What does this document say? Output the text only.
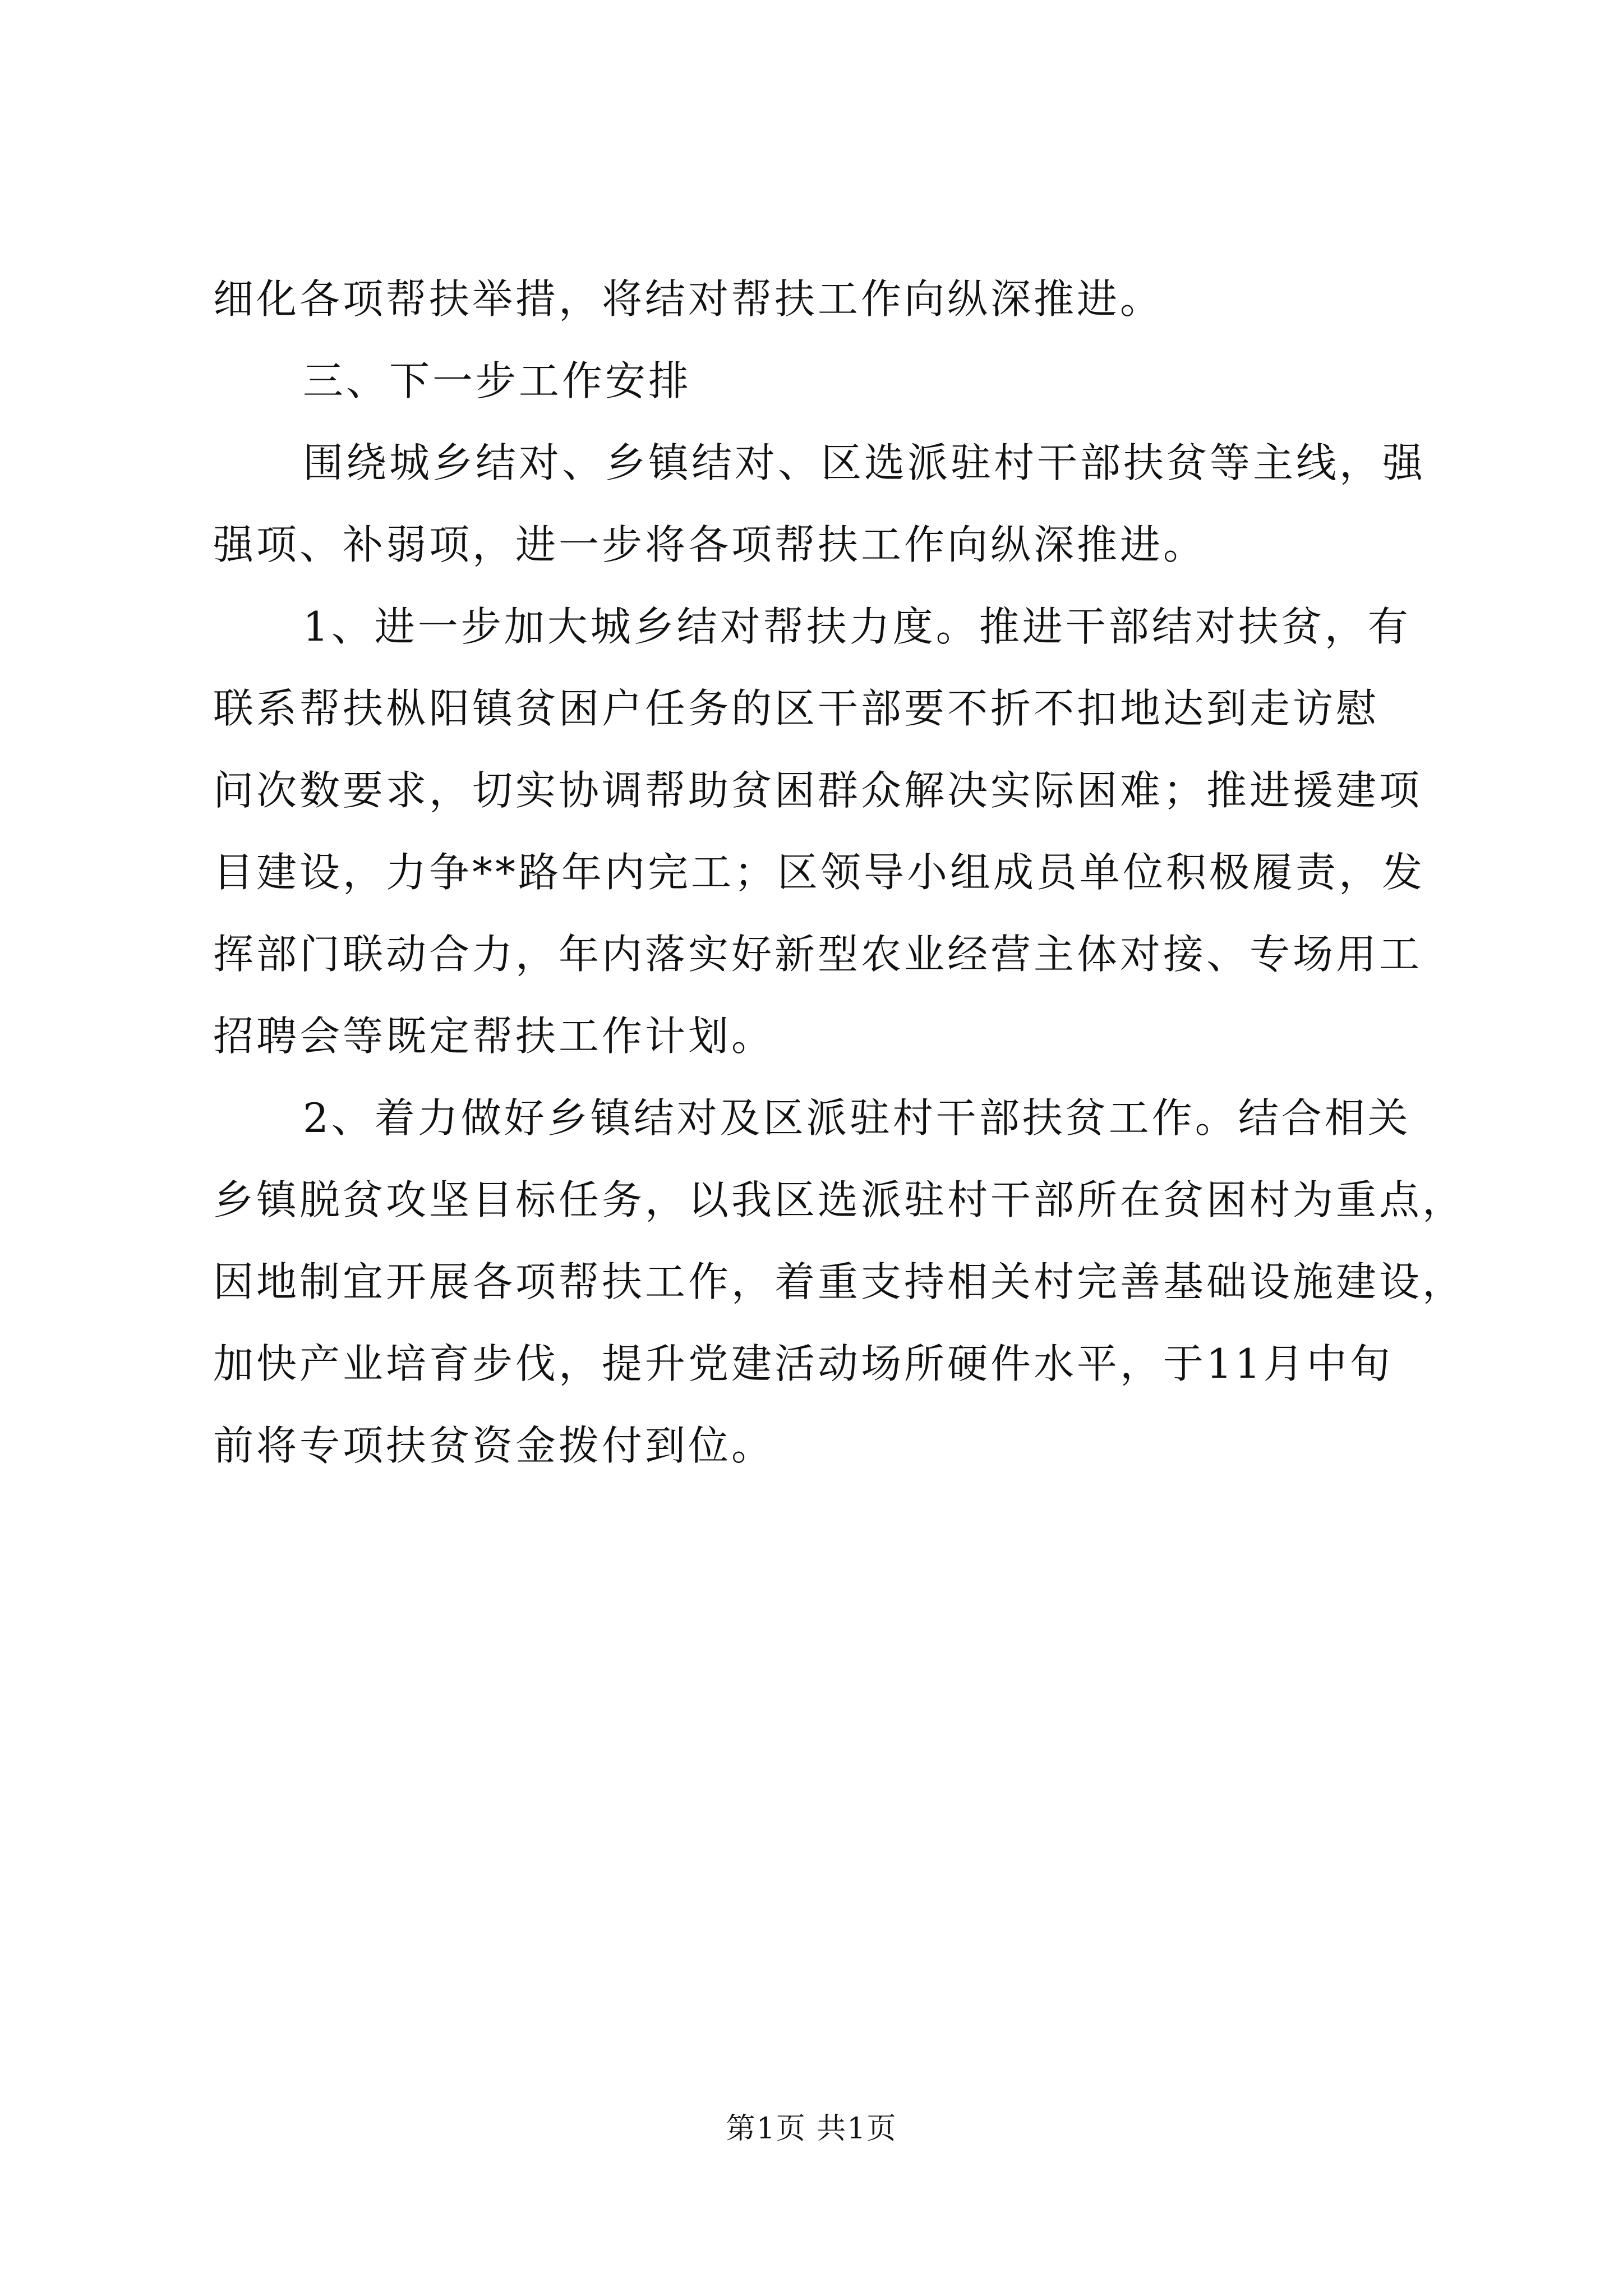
细化各项帮扶举措，将结对帮扶工作向纵深推进。

三、下一步工作安排

围绕城乡结对、乡镇结对、区选派驻村干部扶贫等主线，强
强项、补弱项，进一步将各项帮扶工作向纵深推进。

1、进一步加大城乡结对帮扶力度。推进干部结对扶贫，有
联系帮扶枞阳镇贫困户任务的区干部要不折不扣地达到走访慰
问次数要求，切实协调帮助贫困群众解决实际困难；推进援建项
目建设，力争**路年内完工；区领导小组成员单位积极履责，发
挥部门联动合力，年内落实好新型农业经营主体对接、专场用工
招聘会等既定帮扶工作计划。

2、着力做好乡镇结对及区派驻村干部扶贫工作。结合相关
乡镇脱贫攻坚目标任务，以我区选派驻村干部所在贫困村为重点，
因地制宜开展各项帮扶工作，着重支持相关村完善基础设施建设，
加快产业培育步伐，提升党建活动场所硬件水平，于11月中旬
前将专项扶贫资金拨付到位。

第1页 共1页
